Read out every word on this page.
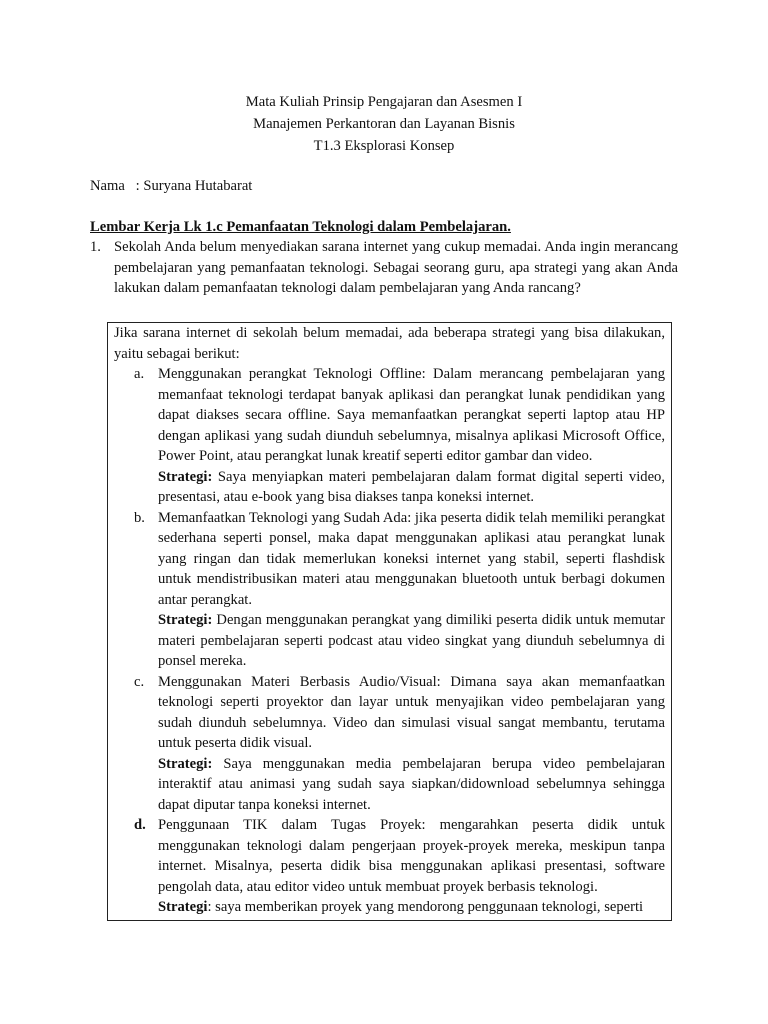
Mata Kuliah Prinsip Pengajaran dan Asesmen I
Manajemen Perkantoran dan Layanan Bisnis
T1.3 Eksplorasi Konsep
Nama : Suryana Hutabarat
Lembar Kerja Lk 1.c Pemanfaatan Teknologi dalam Pembelajaran.
1. Sekolah Anda belum menyediakan sarana internet yang cukup memadai. Anda ingin merancang pembelajaran yang pemanfaatan teknologi. Sebagai seorang guru, apa strategi yang akan Anda lakukan dalam pemanfaatan teknologi dalam pembelajaran yang Anda rancang?

Jika sarana internet di sekolah belum memadai, ada beberapa strategi yang bisa dilakukan, yaitu sebagai berikut:

a. Menggunakan perangkat Teknologi Offline: Dalam merancang pembelajaran yang memanfaat teknologi terdapat banyak aplikasi dan perangkat lunak pendidikan yang dapat diakses secara offline. Saya memanfaatkan perangkat seperti laptop atau HP dengan aplikasi yang sudah diunduh sebelumnya, misalnya aplikasi Microsoft Office, Power Point, atau perangkat lunak kreatif seperti editor gambar dan video.

Strategi: Saya menyiapkan materi pembelajaran dalam format digital seperti video, presentasi, atau e-book yang bisa diakses tanpa koneksi internet.

b. Memanfaatkan Teknologi yang Sudah Ada: jika peserta didik telah memiliki perangkat sederhana seperti ponsel, maka dapat menggunakan aplikasi atau perangkat lunak yang ringan dan tidak memerlukan koneksi internet yang stabil, seperti flashdisk untuk mendistribusikan materi atau menggunakan bluetooth untuk berbagi dokumen antar perangkat.

Strategi: Dengan menggunakan perangkat yang dimiliki peserta didik untuk memutar materi pembelajaran seperti podcast atau video singkat yang diunduh sebelumnya di ponsel mereka.

c. Menggunakan Materi Berbasis Audio/Visual: Dimana saya akan memanfaatkan teknologi seperti proyektor dan layar untuk menyajikan video pembelajaran yang sudah diunduh sebelumnya. Video dan simulasi visual sangat membantu, terutama untuk peserta didik visual.

Strategi: Saya menggunakan media pembelajaran berupa video pembelajaran interaktif atau animasi yang sudah saya siapkan/didownload sebelumnya sehingga dapat diputar tanpa koneksi internet.

d. Penggunaan TIK dalam Tugas Proyek: mengarahkan peserta didik untuk menggunakan teknologi dalam pengerjaan proyek-proyek mereka, meskipun tanpa internet. Misalnya, peserta didik bisa menggunakan aplikasi presentasi, software pengolah data, atau editor video untuk membuat proyek berbasis teknologi.

Strategi: saya memberikan proyek yang mendorong penggunaan teknologi, seperti
